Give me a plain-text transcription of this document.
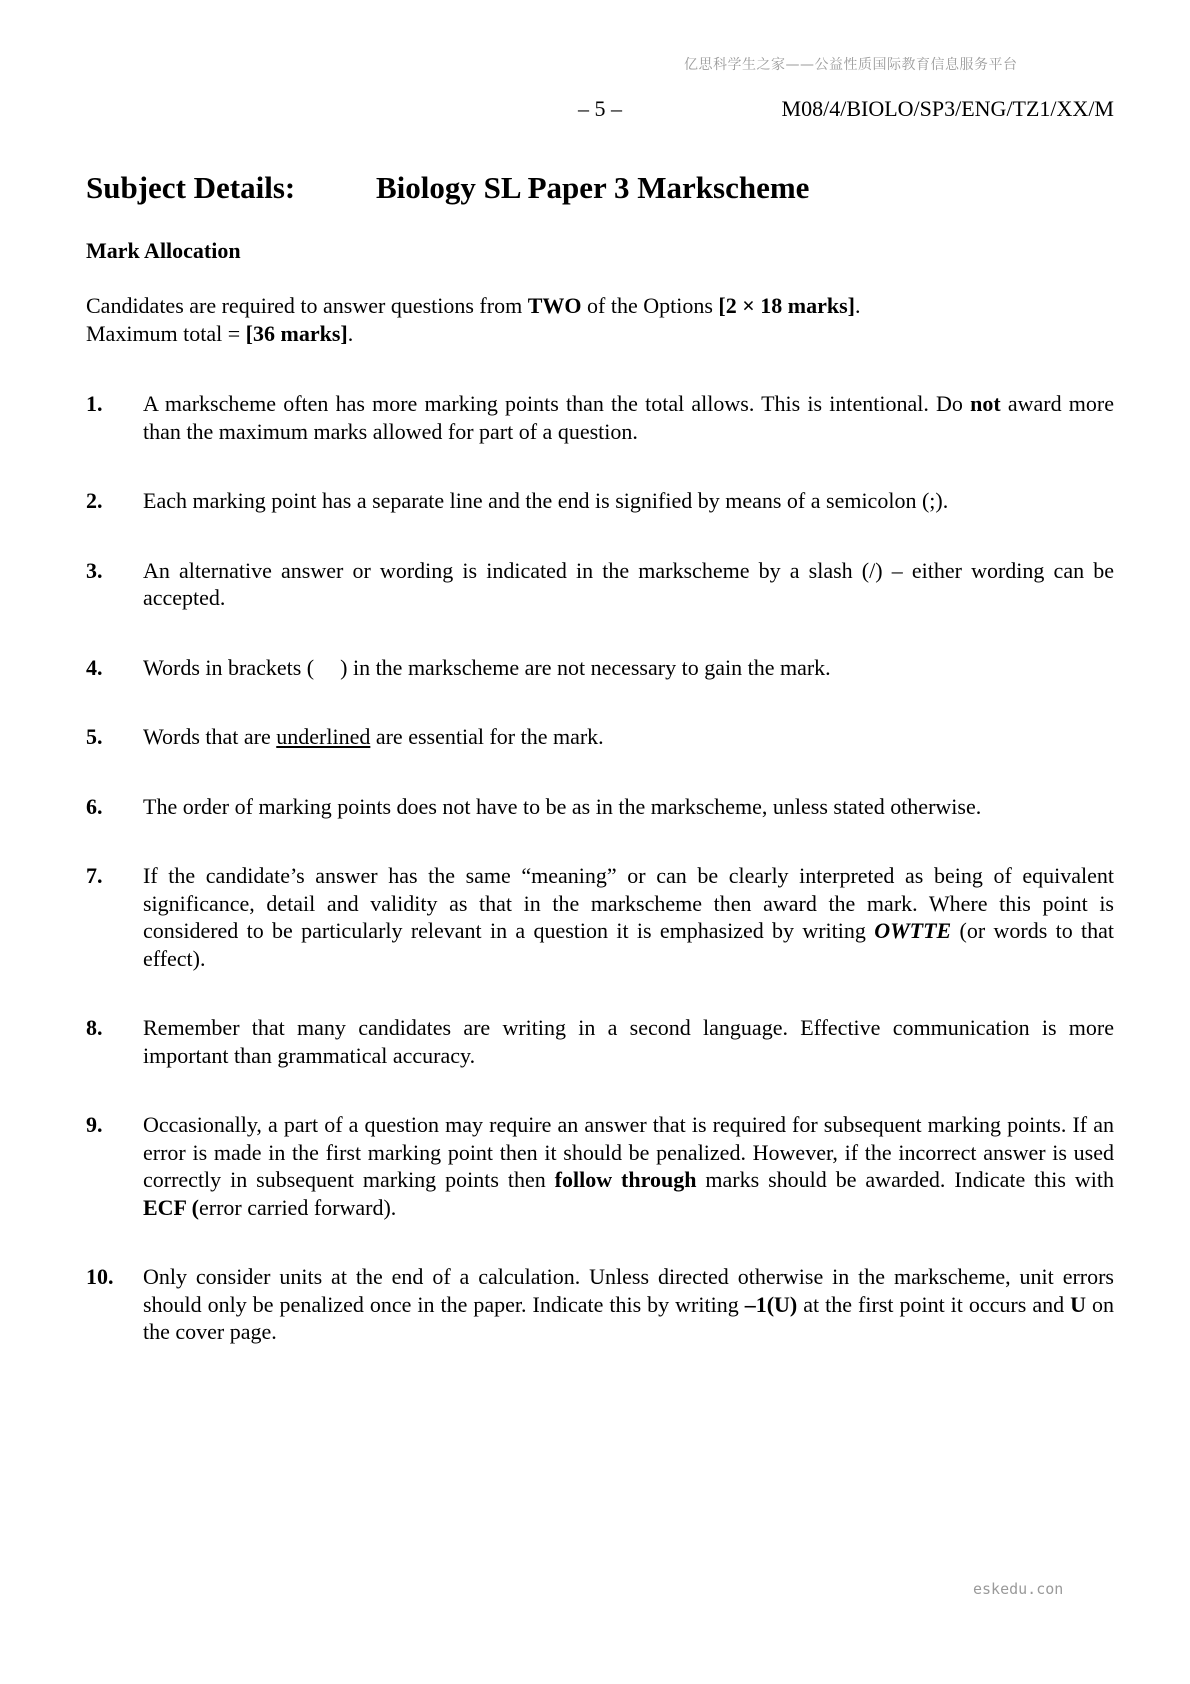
亿思科学生之家——公益性质国际教育信息服务平台
– 5 –	M08/4/BIOLO/SP3/ENG/TZ1/XX/M
Subject Details:	Biology SL Paper 3 Markscheme
Mark Allocation

Candidates are required to answer questions from TWO of the Options [2 × 18 marks].

Maximum total = [36 marks].

1.	A markscheme often has more marking points than the total allows. This is intentional. Do not award more than the maximum marks allowed for part of a question.
2.	Each marking point has a separate line and the end is signified by means of a semicolon (;).
3.	An alternative answer or wording is indicated in the markscheme by a slash (/) – either wording can be accepted.
4.	Words in brackets ( ) in the markscheme are not necessary to gain the mark.
5.	Words that are underlined are essential for the mark.
6.	The order of marking points does not have to be as in the markscheme, unless stated otherwise.
7.	If the candidate’s answer has the same “meaning” or can be clearly interpreted as being of equivalent significance, detail and validity as that in the markscheme then award the mark. Where this point is considered to be particularly relevant in a question it is emphasized by writing OWTTE (or words to that effect).
8.	Remember that many candidates are writing in a second language. Effective communication is more important than grammatical accuracy.
9.	Occasionally, a part of a question may require an answer that is required for subsequent marking points. If an error is made in the first marking point then it should be penalized. However, if the incorrect answer is used correctly in subsequent marking points then follow through marks should be awarded. Indicate this with ECF (error carried forward).
10.	Only consider units at the end of a calculation. Unless directed otherwise in the markscheme, unit errors should only be penalized once in the paper. Indicate this by writing –1(U) at the first point it occurs and U on the cover page.
eskedu.con
